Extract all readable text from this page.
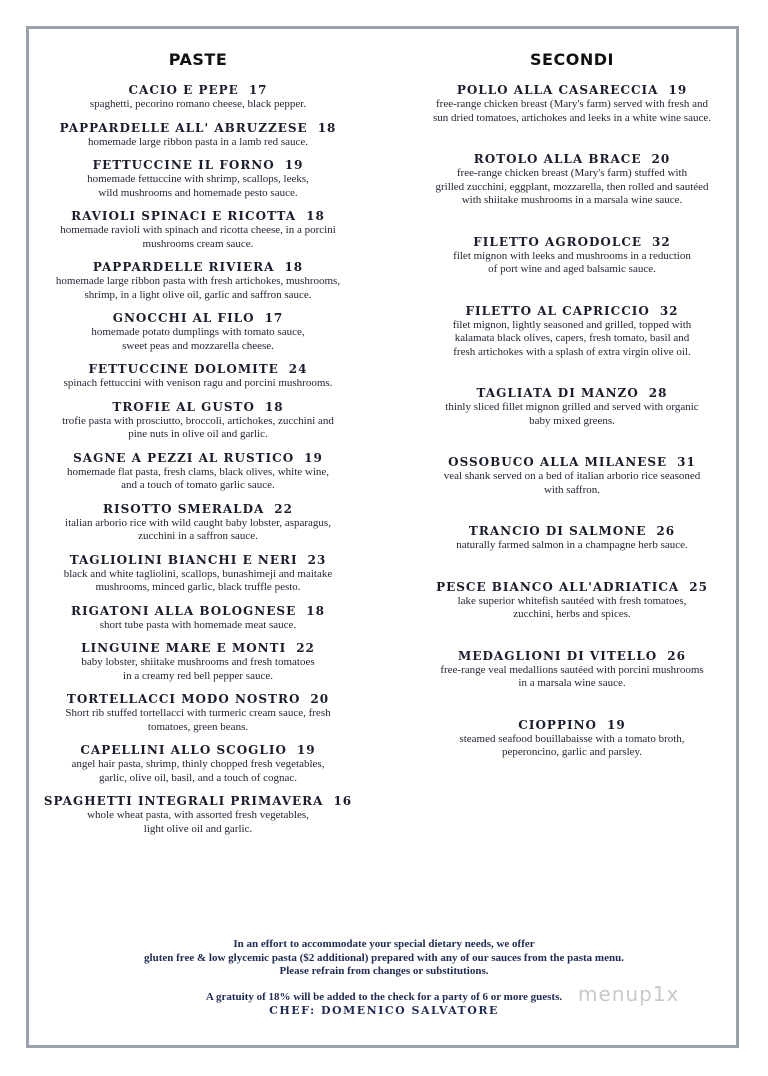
PASTE
CACIO E PEPE 17
spaghetti, pecorino romano cheese, black pepper.
PAPPARDELLE ALL' ABRUZZESE 18
homemade large ribbon pasta in a lamb red sauce.
FETTUCCINE IL FORNO 19
homemade fettuccine with shrimp, scallops, leeks,
wild mushrooms and homemade pesto sauce.
RAVIOLI SPINACI E RICOTTA 18
homemade ravioli with spinach and ricotta cheese, in a porcini
mushrooms cream sauce.
PAPPARDELLE RIVIERA 18
homemade large ribbon pasta with fresh artichokes, mushrooms,
shrimp, in a light olive oil, garlic and saffron sauce.
GNOCCHI AL FILO 17
homemade potato dumplings with tomato sauce,
sweet peas and mozzarella cheese.
FETTUCCINE DOLOMITE 24
spinach fettuccini with venison ragu and porcini mushrooms.
TROFIE AL GUSTO 18
trofie pasta with prosciutto, broccoli, artichokes, zucchini and
pine nuts in olive oil and garlic.
SAGNE A PEZZI AL RUSTICO 19
homemade flat pasta, fresh clams, black olives, white wine,
and a touch of tomato garlic sauce.
RISOTTO SMERALDA 22
italian arborio rice with wild caught baby lobster, asparagus,
zucchini in a saffron sauce.
TAGLIOLINI BIANCHI E NERI 23
black and white tagliolini, scallops, bunashimeji and maitake
mushrooms, minced garlic, black truffle pesto.
RIGATONI ALLA BOLOGNESE 18
short tube pasta with homemade meat sauce.
LINGUINE MARE E MONTI 22
baby lobster, shiitake mushrooms and fresh tomatoes
in a creamy red bell pepper sauce.
TORTELLACCI MODO NOSTRO 20
Short rib stuffed tortellacci with turmeric cream sauce, fresh
tomatoes, green beans.
CAPELLINI ALLO SCOGLIO 19
angel hair pasta, shrimp, thinly chopped fresh vegetables,
garlic, olive oil, basil, and a touch of cognac.
SPAGHETTI INTEGRALI PRIMAVERA 16
whole wheat pasta, with assorted fresh vegetables,
light olive oil and garlic.
SECONDI
POLLO ALLA CASARECCIA 19
free-range chicken breast (Mary's farm) served with fresh and
sun dried tomatoes, artichokes and leeks in a white wine sauce.
ROTOLO ALLA BRACE 20
free-range chicken breast (Mary's farm) stuffed with
grilled zucchini, eggplant, mozzarella, then rolled and sautéed
with shiitake mushrooms in a marsala wine sauce.
FILETTO AGRODOLCE 32
filet mignon with leeks and mushrooms in a reduction
of port wine and aged balsamic sauce.
FILETTO AL CAPRICCIO 32
filet mignon, lightly seasoned and grilled, topped with
kalamata black olives, capers, fresh tomato, basil and
fresh artichokes with a splash of extra virgin olive oil.
TAGLIATA DI MANZO 28
thinly sliced fillet mignon grilled and served with organic
baby mixed greens.
OSSOBUCO ALLA MILANESE 31
veal shank served on a bed of italian arborio rice seasoned
with saffron.
TRANCIO DI SALMONE 26
naturally farmed salmon in a champagne herb sauce.
PESCE BIANCO ALL'ADRIATICA 25
lake superior whitefish sautéed with fresh tomatoes,
zucchini, herbs and spices.
MEDAGLIONI DI VITELLO 26
free-range veal medallions sautéed with porcini mushrooms
in a marsala wine sauce.
CIOPPINO 19
steamed seafood bouillabaisse with a tomato broth,
peperoncino, garlic and parsley.
In an effort to accommodate your special dietary needs, we offer
gluten free & low glycemic pasta ($2 additional) prepared with any of our sauces from the pasta menu.
Please refrain from changes or substitutions.
A gratuity of 18% will be added to the check for a party of 6 or more guests.
CHEF: DOMENICO SALVATORE
menup1x
